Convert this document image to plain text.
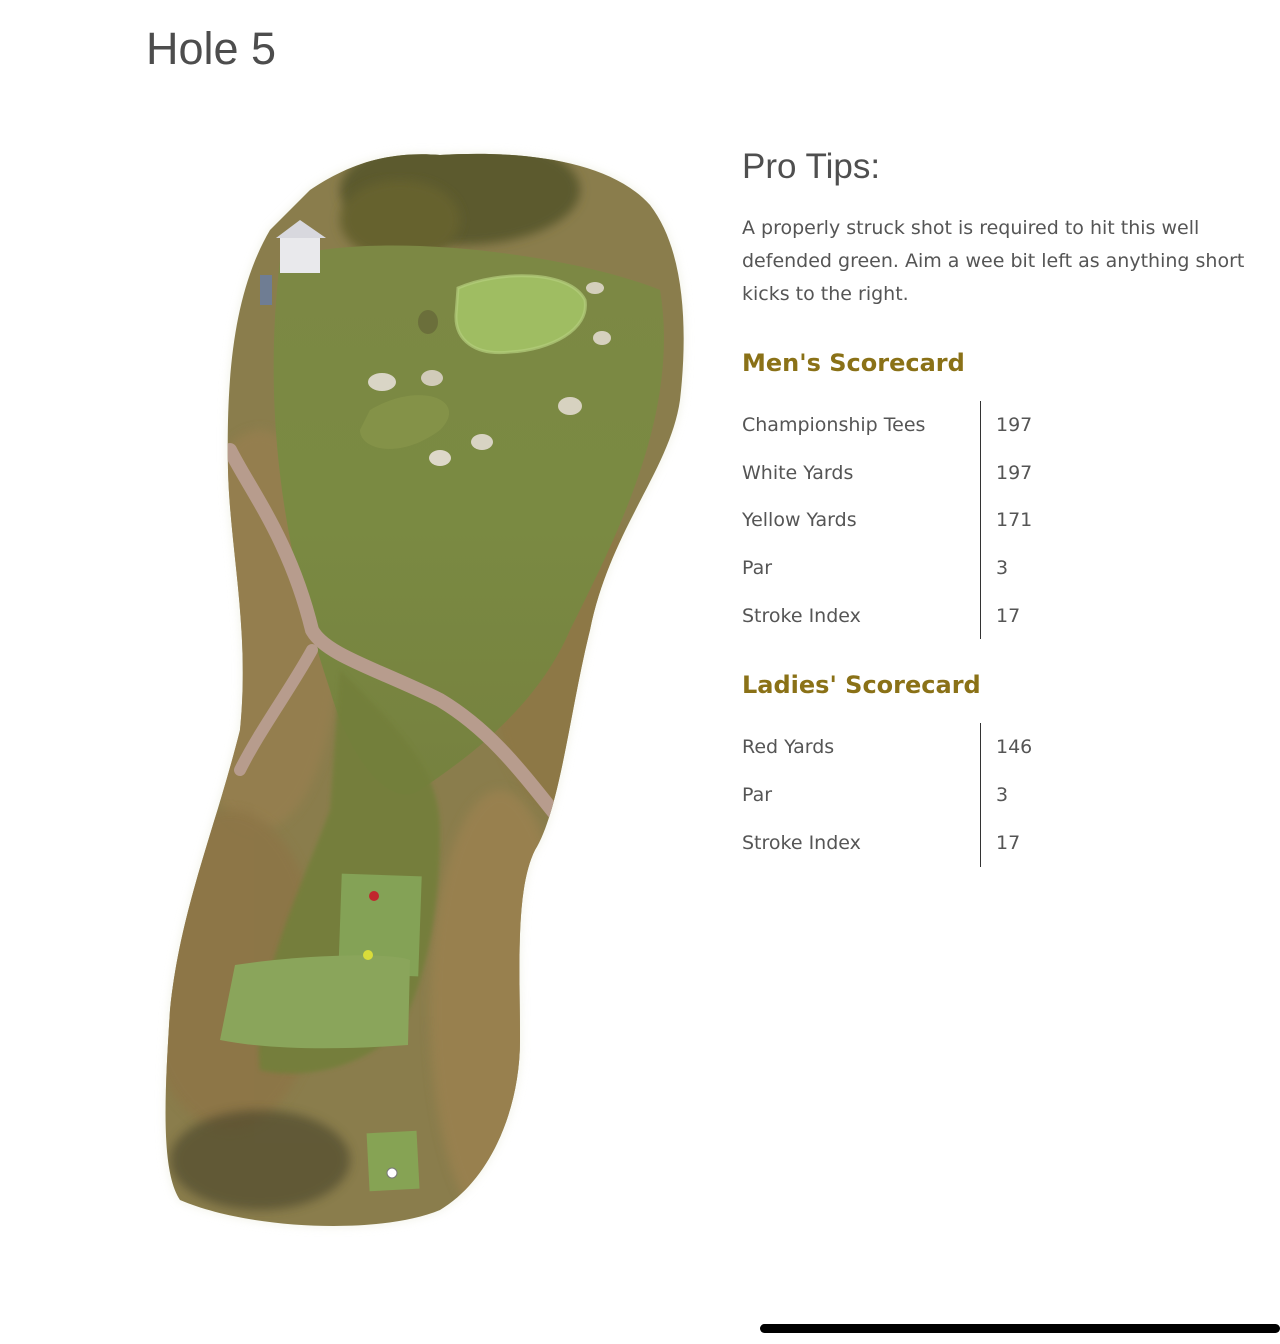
Hole 5
Pro Tips:

A properly struck shot is required to hit this well defended green. Aim a wee bit left as anything short kicks to the right.

Men's Scorecard
Championship Tees	197
White Yards	197
Yellow Yards	171
Par	3
Stroke Index	17
Ladies' Scorecard
Red Yards	146
Par	3
Stroke Index	17
